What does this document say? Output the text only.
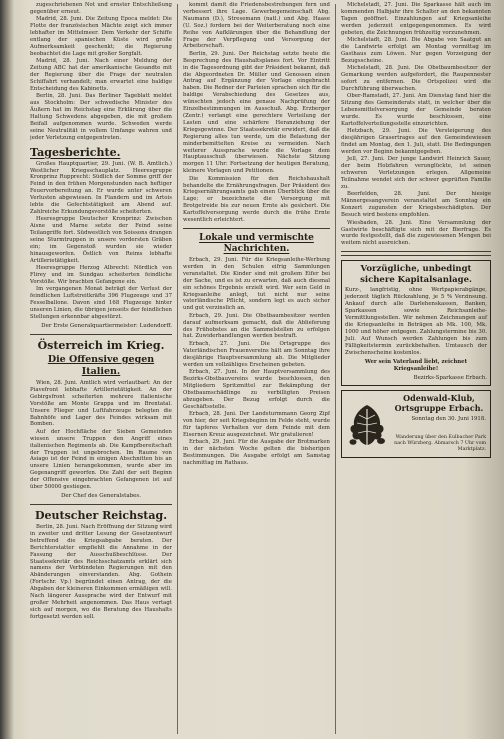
zugeschriebenen Not und ernster Entschließung gegenüber erneut.

Madrid, 28. Juni. Die Zeitung Epoca meldet: Die Flotte der französischen Mächte zeigt sich immer lebhafter im Mittelmeer. Dem Verkehr der Schiffe entlang der spanischen Küste wird große Aufmerksamkeit geschenkt; die Regierung beobachtet die Lage mit großer Sorgfalt.

Madrid, 28. Juni. Nach einer Meldung der Zeitung ABC hat der amerikanische Gesandte mit der Regierung über die Frage der neutralen Schiffahrt verhandelt; man erwartet eine baldige Entscheidung des Kabinetts.

Berlin, 28. Juni. Das Berliner Tageblatt meldet aus Stockholm: Der schwedische Minister des Äußern hat im Reichstag eine Erklärung über die Haltung Schwedens abgegeben, die mit großem Beifall aufgenommen wurde. Schweden werde seine Neutralität in vollem Umfange wahren und jeder Verletzung entgegentreten.

Tagesberichte.

Großes Hauptquartier, 29. Juni. (W. B. Amtlich.) Westlicher Kriegsschauplatz. Heeresgruppe Kronprinz Rupprecht: Südlich der Somme griff der Feind in den frühen Morgenstunden nach heftiger Feuervorbereitung an. Er wurde unter schweren Verlusten abgewiesen. In Flandern und im Artois lebte die Gefechtstätigkeit am Abend auf. Zahlreiche Erkundungsvorstöße scheiterten.

Heeresgruppe Deutscher Kronprinz: Zwischen Aisne und Marne setzte der Feind seine Teilangriffe fort. Südwestlich von Soissons drangen seine Sturmtruppen in unsere vordersten Gräben ein; im Gegenstoß wurden sie wieder hinausgeworfen. Östlich von Reims lebhafte Artillerietätigkeit.

Heeresgruppe Herzog Albrecht: Nördlich von Flirey und im Sundgau scheiterten feindliche Vorstöße. Wir brachten Gefangene ein.

Im vergangenen Monat beträgt der Verlust der feindlichen Luftstreitkräfte 396 Flugzeuge und 37 Fesselballone. Davon sind 168 Flugzeuge hinter unseren Linien, die übrigen jenseits der feindlichen Stellungen erkennbar abgestürzt.

Der Erste Generalquartiermeister: Ludendorff.
Österreich im Krieg.
Die Offensive gegen Italien.

Wien, 28. Juni. Amtlich wird verlautbart: An der Piavefront lebhafte Artillerietätigkeit. An der Gebirgsfront scheiterten mehrere italienische Vorstöße am Monte Grappa und im Brentatal. Unsere Flieger und Luftfahrzeuge belegten die Bahnhöfe und Lager des Feindes wirksam mit Bomben.

Auf der Hochfläche der Sieben Gemeinden wiesen unsere Truppen den Angriff eines italienischen Regiments ab. Die Kampfbereitschaft der Truppen ist ungebrochen. Im Raume von Asiago ist der Feind in einigen Abschnitten bis an unsere Linien herangekommen, wurde aber im Gegenangriff geworfen. Die Zahl der seit Beginn der Offensive eingebrachten Gefangenen ist auf über 50000 gestiegen.

Der Chef des Generalstabes.
Deutscher Reichstag.

Berlin, 28. Juni. Nach Eröffnung der Sitzung wird in zweiter und dritter Lesung der Gesetzentwurf betreffend die Kriegsabgabe beraten. Der Berichterstatter empfiehlt die Annahme in der Fassung der Ausschußbeschlüsse. Der Staatssekretär des Reichsschatzamts erklärt sich namens der Verbündeten Regierungen mit den Abänderungen einverstanden. Abg. Gothein (Fortschr. Vp.) begründet einen Antrag, der die Abgaben der kleineren Einkommen ermäßigen will. Nach längerer Aussprache wird der Entwurf mit großer Mehrheit angenommen. Das Haus vertagt sich auf morgen, wo die Beratung des Haushalts fortgesetzt werden soll.

kommt damit die Friedensbestrebungen fern und verbessert ihre Lage. Gewerbegemeinschaft Abg. Naumann (D.), Stresemann (natl.) und Abg. Haase (U. Soz.) fordern bei der Weiterberatung noch eine Reihe von Aufklärungen über die Behandlung der Frage der Verpflegung und Versorgung der Arbeiterschaft.

Berlin, 29. Juni. Der Reichstag setzte heute die Besprechung des Haushaltsplanes fort. Vor Eintritt in die Tagesordnung gibt der Präsident bekannt, daß die Abgeordneten Dr. Müller und Genossen einen Antrag auf Ergänzung der Vorlage eingebracht haben. Die Redner der Parteien sprachen sich für die baldige Verabschiedung des Gesetzes aus, wünschten jedoch eine genaue Nachprüfung der Einzelbestimmungen im Ausschuß. Abg. Erzberger (Zentr.) verlangt eine gerechtere Verteilung der Lasten und eine schärfere Heranziehung der Kriegsgewinne. Der Staatssekretär erwidert, daß die Regierung alles tun werde, um die Belastung der minderbemittelten Kreise zu vermeiden. Nach weiterer Aussprache wurde die Vorlage dem Hauptausschuß überwiesen. Nächste Sitzung morgen 11 Uhr: Fortsetzung der heutigen Beratung, kleinere Vorlagen und Petitionen.

Die Kommission für den Reichshaushalt behandelte die Ernährungsfragen. Der Präsident des Kriegsernährungsamts gab einen Überblick über die Lage; er bezeichnete die Versorgung mit Brotgetreide bis zur neuen Ernte als gesichert. Die Kartoffelversorgung werde durch die frühe Ernte wesentlich erleichtert.

Lokale und vermischte Nachrichten.

Erbach, 29. Juni. Für die Kriegsanleihe-Werbung werden in den Schulen eifrig Sammlungen veranstaltet. Die Kinder sind mit großem Eifer bei der Sache, und es ist zu erwarten, daß auch diesmal ein schönes Ergebnis erzielt wird. Wer sein Geld in Kriegsanleihe anlegt, tut nicht nur seine vaterländische Pflicht, sondern legt es auch sicher und gut verzinslich an.

Erbach, 29. Juni. Die Obstbaumbesitzer werden darauf aufmerksam gemacht, daß die Ablieferung des Frühobstes an die Sammelstellen zu erfolgen hat. Zuwiderhandlungen werden bestraft.

Erbach, 27. Juni. Die Ortsgruppe des Vaterländischen Frauenvereins hält am Sonntag ihre diesjährige Hauptversammlung ab. Die Mitglieder werden um vollzähliges Erscheinen gebeten.

Erbach, 27. Juni. In der Hauptversammlung des Bezirks-Obstbauvereins wurde beschlossen, den Mitgliedern Spritzmittel zur Bekämpfung der Obstbaumschädlinge zu verbilligten Preisen abzugeben. Der Bezug erfolgt durch die Geschäftsstelle.

Erbach, 28. Juni. Der Landsturmmann Georg Zipf von hier, der seit Kriegsbeginn im Felde steht, wurde für tapferes Verhalten vor dem Feinde mit dem Eisernen Kreuz ausgezeichnet. Wir gratulieren!

Erbach, 29. Juni. Für die Ausgabe der Brotmarken in der nächsten Woche gelten die bisherigen Bestimmungen. Die Ausgabe erfolgt am Samstag nachmittag im Rathaus.

Michelstadt, 27. Juni. Die Sparkasse hält auch im kommenden Halbjahr ihre Schalter an den bekannten Tagen geöffnet. Einzahlungen auf Kriegsanleihe werden jederzeit entgegengenommen. Es wird gebeten, die Zeichnungen frühzeitig vorzunehmen.

Michelstadt, 28. Juni. Die Abgabe von Saatgut an die Landwirte erfolgt am Montag vormittag im Gasthaus zum Löwen. Nur gegen Vorzeigung der Bezugsscheine.

Michelstadt, 28. Juni. Die Obstbaumbesitzer der Gemarkung werden aufgefordert, die Raupennester sofort zu entfernen. Die Ortspolizei wird die Durchführung überwachen.

Ober-Ramstadt, 27. Juni. Am Dienstag fand hier die Sitzung des Gemeinderats statt, in welcher über die Lebensmittelversorgung der Gemeinde beraten wurde. Es wurde beschlossen, eine Kartoffelverteilungsstelle einzurichten.

Hetzbach, 29. Juni. Die Versteigerung des diesjährigen Grasertrages auf den Gemeindewiesen findet am Montag, den 1. Juli, statt. Die Bedingungen werden vor Beginn bekanntgegeben.

Jell, 27. Juni. Der junge Landwirt Heinrich Sauer, der beim Holzfahren verunglückte, ist seinen schweren Verletzungen erlegen. Allgemeine Teilnahme wendet sich der schwer geprüften Familie zu.

Beerfelden, 28. Juni. Der hiesige Männergesangverein veranstaltet am Sonntag ein Konzert zugunsten der Kriegsbeschädigten. Der Besuch wird bestens empfohlen.

Wiesbaden, 28. Juni. Eine Versammlung der Gastwirte beschäftigte sich mit der Bierfrage. Es wurde festgestellt, daß die zugewiesenen Mengen bei weitem nicht ausreichen.

Vorzügliche, unbedingt sichere Kapitalsanlage.

Kurz-, langfristig, ohne Wertpapierabgänge, jederzeit täglich Rückzahlung, je 5 % Verzinsung. Ankauf durch alle Darlehenskassen, Banken, Sparkassen sowie Reichsanleihe-Vermittlungsstellen. Wir nehmen Zeichnungen auf die Kriegsanleihe in Beträgen ab Mk. 100, Mk. 1000 und höher entgegen. Zahlungstermine bis 30. Juli. Auf Wunsch werden Zahlungen bis zum Fälligkeitstermin zurückbehalten. Umtausch der Zwischenscheine kostenlos.

Wer sein Vaterland liebt, zeichnet Kriegsanleihe!

Bezirks-Sparkasse Erbach.
Odenwald-Klub, Ortsgruppe Erbach.
Sonntag den 30. Juni 1918.
Wanderung über den Eulbacher Park nach Würzberg. Abmarsch 7 Uhr vom Marktplatz.
